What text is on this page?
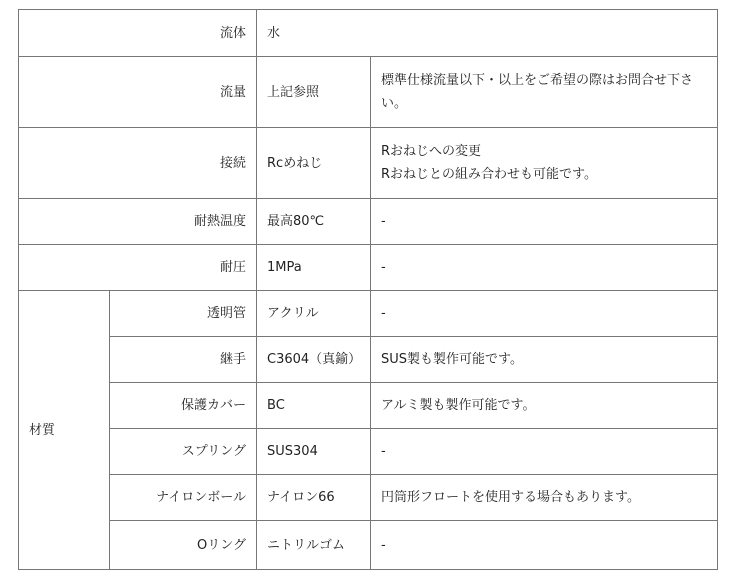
流体		水	
流量		上記参照	標準仕様流量以下・以上をご希望の際はお問合せ下さい。
接続		Rcめねじ	Rおねじへの変更
Rおねじとの組み合わせも可能です。
耐熱温度		最高80℃	-
耐圧		1MPa	-
材質	透明管	アクリル	-
	継手	C3604（真鍮）	SUS製も製作可能です。
	保護カバー	BC	アルミ製も製作可能です。
	スプリング	SUS304	-
	ナイロンボール	ナイロン66	円筒形フロートを使用する場合もあります。
	Oリング	ニトリルゴム	-
